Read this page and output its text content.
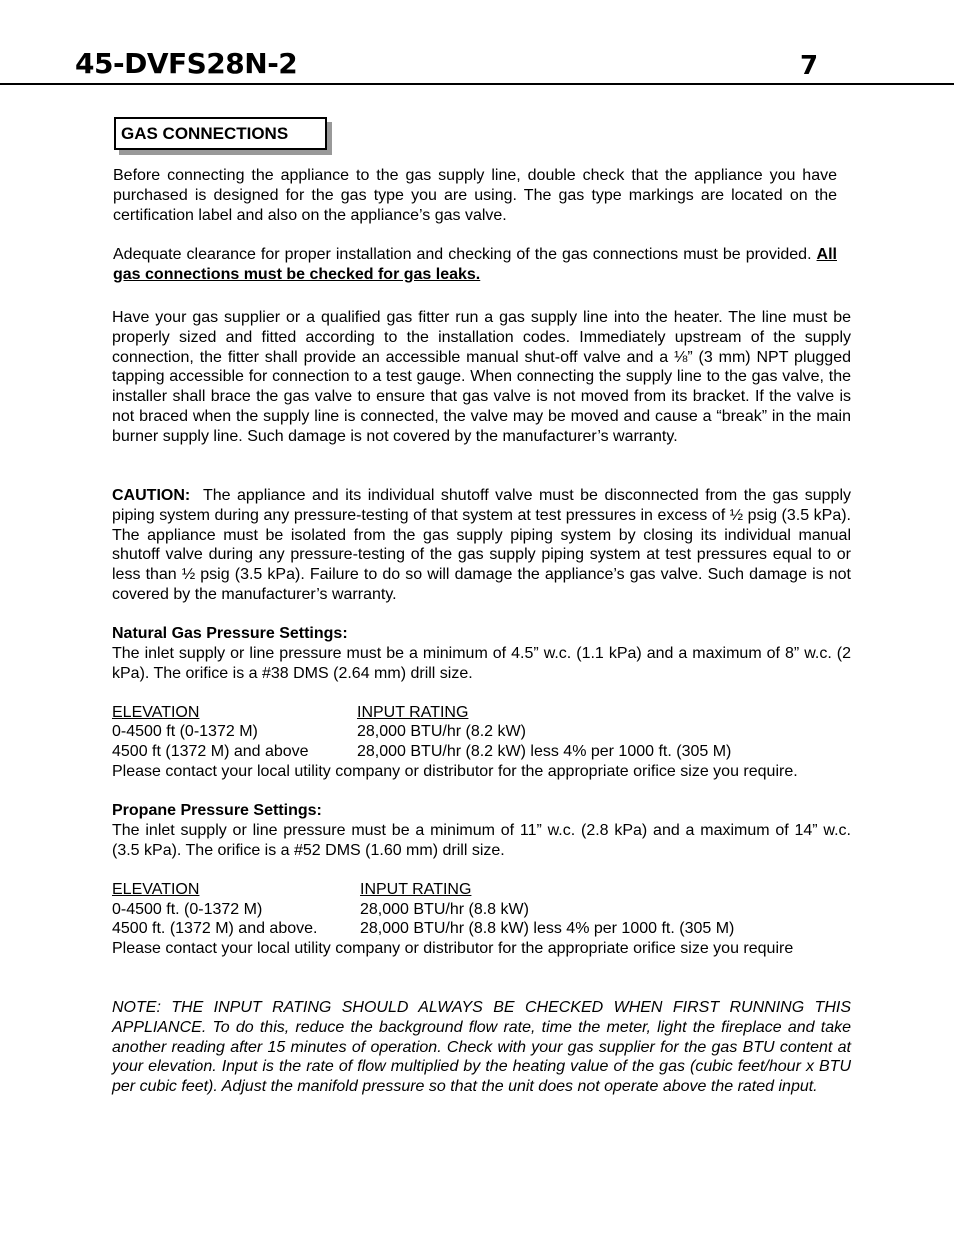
45-DVFS28N-2	7
GAS CONNECTIONS

Before connecting the appliance to the gas supply line, double check that the appliance you have purchased is designed for the gas type you are using. The gas type markings are located on the certification label and also on the appliance’s gas valve.

Adequate clearance for proper installation and checking of the gas connections must be provided. All gas connections must be checked for gas leaks.

Have your gas supplier or a qualified gas fitter run a gas supply line into the heater. The line must be properly sized and fitted according to the installation codes. Immediately upstream of the supply connection, the fitter shall provide an accessible manual shut-off valve and a ⅛” (3 mm) NPT plugged tapping accessible for connection to a test gauge. When connecting the supply line to the gas valve, the installer shall brace the gas valve to ensure that gas valve is not moved from its bracket. If the valve is not braced when the supply line is connected, the valve may be moved and cause a “break” in the main burner supply line. Such damage is not covered by the manufacturer’s warranty.

CAUTION: The appliance and its individual shutoff valve must be disconnected from the gas supply piping system during any pressure-testing of that system at test pressures in excess of ½ psig (3.5 kPa). The appliance must be isolated from the gas supply piping system by closing its individual manual shutoff valve during any pressure-testing of the gas supply piping system at test pressures equal to or less than ½ psig (3.5 kPa). Failure to do so will damage the appliance’s gas valve. Such damage is not covered by the manufacturer’s warranty.

Natural Gas Pressure Settings:

The inlet supply or line pressure must be a minimum of 4.5” w.c. (1.1 kPa) and a maximum of 8” w.c. (2 kPa). The orifice is a #38 DMS (2.64 mm) drill size.

ELEVATION	INPUT RATING
0-4500 ft (0-1372 M)	28,000 BTU/hr (8.2 kW)
4500 ft (1372 M) and above	28,000 BTU/hr (8.2 kW) less 4% per 1000 ft. (305 M)
Please contact your local utility company or distributor for the appropriate orifice size you require.

Propane Pressure Settings:

The inlet supply or line pressure must be a minimum of 11” w.c. (2.8 kPa) and a maximum of 14” w.c. (3.5 kPa). The orifice is a #52 DMS (1.60 mm) drill size.

ELEVATION	INPUT RATING
0-4500 ft. (0-1372 M)	28,000 BTU/hr (8.8 kW)
4500 ft. (1372 M) and above.	28,000 BTU/hr (8.8 kW) less 4% per 1000 ft. (305 M)
Please contact your local utility company or distributor for the appropriate orifice size you require

NOTE: THE INPUT RATING SHOULD ALWAYS BE CHECKED WHEN FIRST RUNNING THIS APPLIANCE. To do this, reduce the background flow rate, time the meter, light the fireplace and take another reading after 15 minutes of operation. Check with your gas supplier for the gas BTU content at your elevation. Input is the rate of flow multiplied by the heating value of the gas (cubic feet/hour x BTU per cubic feet). Adjust the manifold pressure so that the unit does not operate above the rated input.
